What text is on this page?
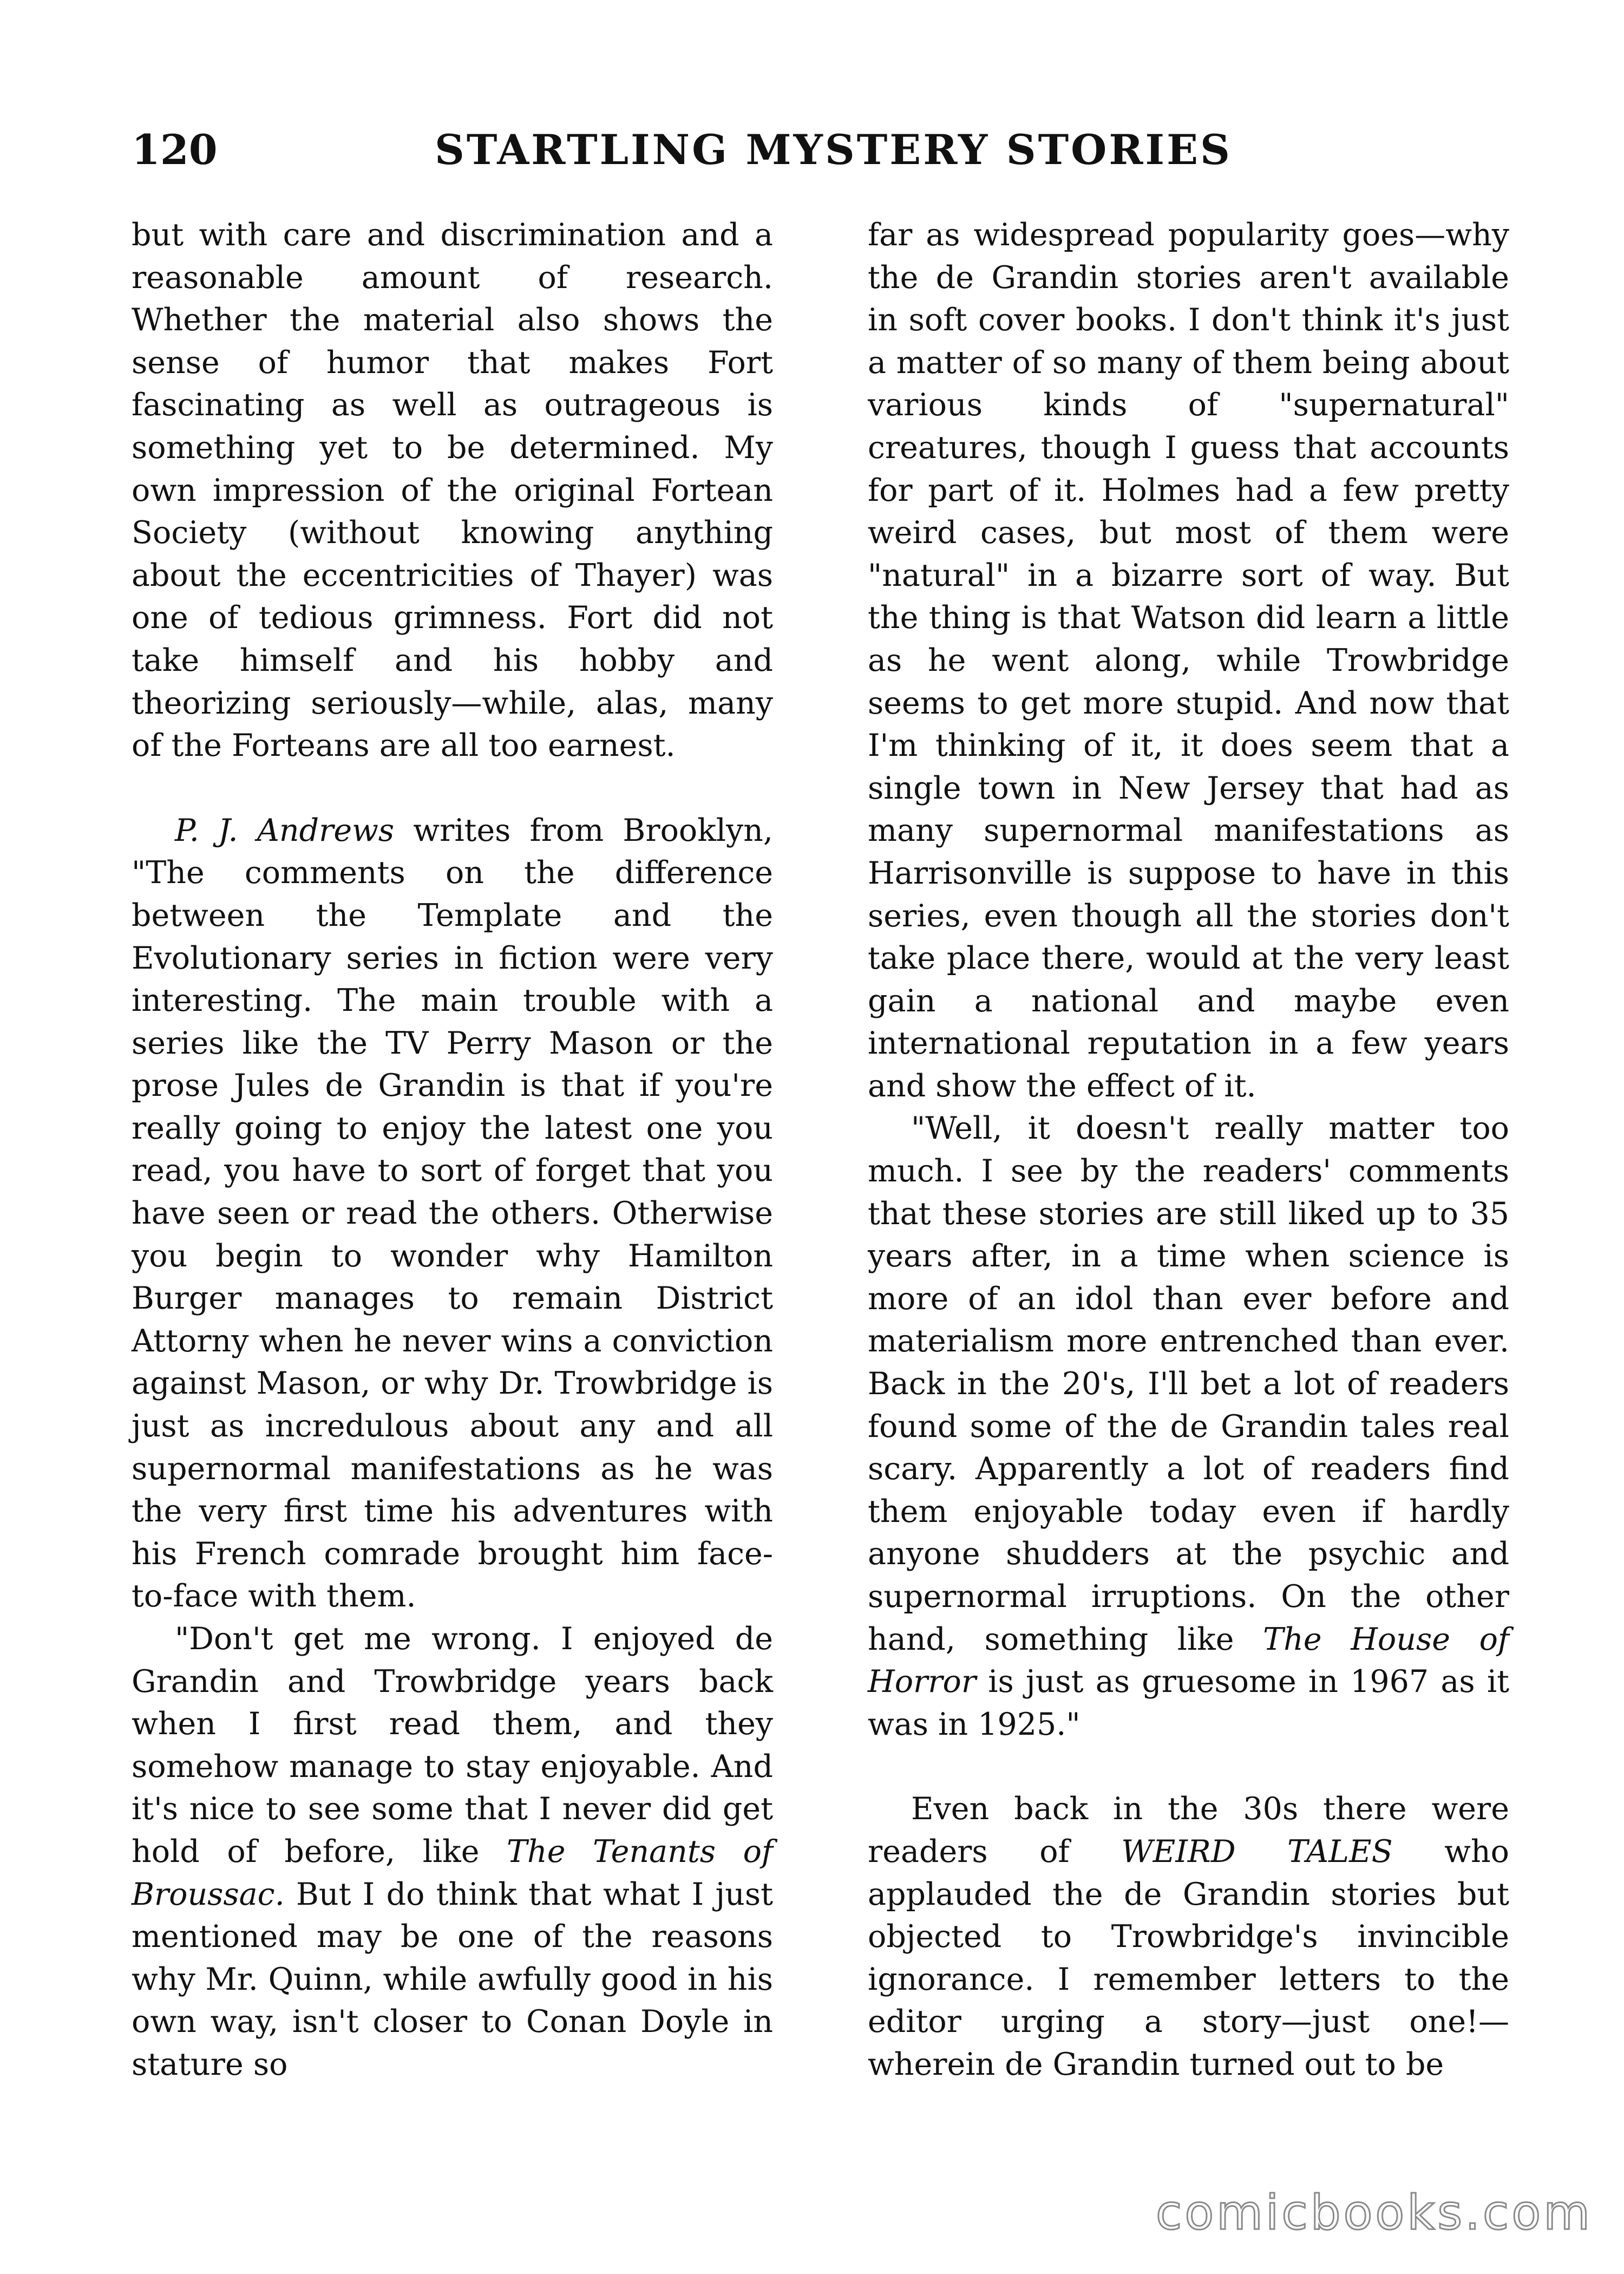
120	STARTLING MYSTERY STORIES

but with care and discrimination and a reasonable amount of research. Whether the material also shows the sense of humor that makes Fort fascinating as well as outrageous is something yet to be determined. My own impression of the original Fortean Society (without knowing anything about the eccentricities of Thayer) was one of tedious grimness. Fort did not take himself and his hobby and theorizing seriously—while, alas, many of the Forteans are all too earnest.

P. J. Andrews writes from Brooklyn, "The comments on the difference between the Template and the Evolutionary series in fiction were very interesting. The main trouble with a series like the TV Perry Mason or the prose Jules de Grandin is that if you're really going to enjoy the latest one you read, you have to sort of forget that you have seen or read the others. Otherwise you begin to wonder why Hamilton Burger manages to remain District Attorny when he never wins a conviction against Mason, or why Dr. Trowbridge is just as incredulous about any and all supernormal manifestations as he was the very first time his adventures with his French comrade brought him face-to-face with them.

"Don't get me wrong. I enjoyed de Grandin and Trowbridge years back when I first read them, and they somehow manage to stay enjoyable. And it's nice to see some that I never did get hold of before, like The Tenants of Broussac. But I do think that what I just mentioned may be one of the reasons why Mr. Quinn, while awfully good in his own way, isn't closer to Conan Doyle in stature so

far as widespread popularity goes—why the de Grandin stories aren't available in soft cover books. I don't think it's just a matter of so many of them being about various kinds of "supernatural" creatures, though I guess that accounts for part of it. Holmes had a few pretty weird cases, but most of them were "natural" in a bizarre sort of way. But the thing is that Watson did learn a little as he went along, while Trowbridge seems to get more stupid. And now that I'm thinking of it, it does seem that a single town in New Jersey that had as many supernormal manifestations as Harrisonville is suppose to have in this series, even though all the stories don't take place there, would at the very least gain a national and maybe even international reputation in a few years and show the effect of it.

"Well, it doesn't really matter too much. I see by the readers' comments that these stories are still liked up to 35 years after, in a time when science is more of an idol than ever before and materialism more entrenched than ever. Back in the 20's, I'll bet a lot of readers found some of the de Grandin tales real scary. Apparently a lot of readers find them enjoyable today even if hardly anyone shudders at the psychic and supernormal irruptions. On the other hand, something like The House of Horror is just as gruesome in 1967 as it was in 1925."

Even back in the 30s there were readers of WEIRD TALES who applauded the de Grandin stories but objected to Trowbridge's invincible ignorance. I remember letters to the editor urging a story—just one!—wherein de Grandin turned out to be

comicbooks.com
